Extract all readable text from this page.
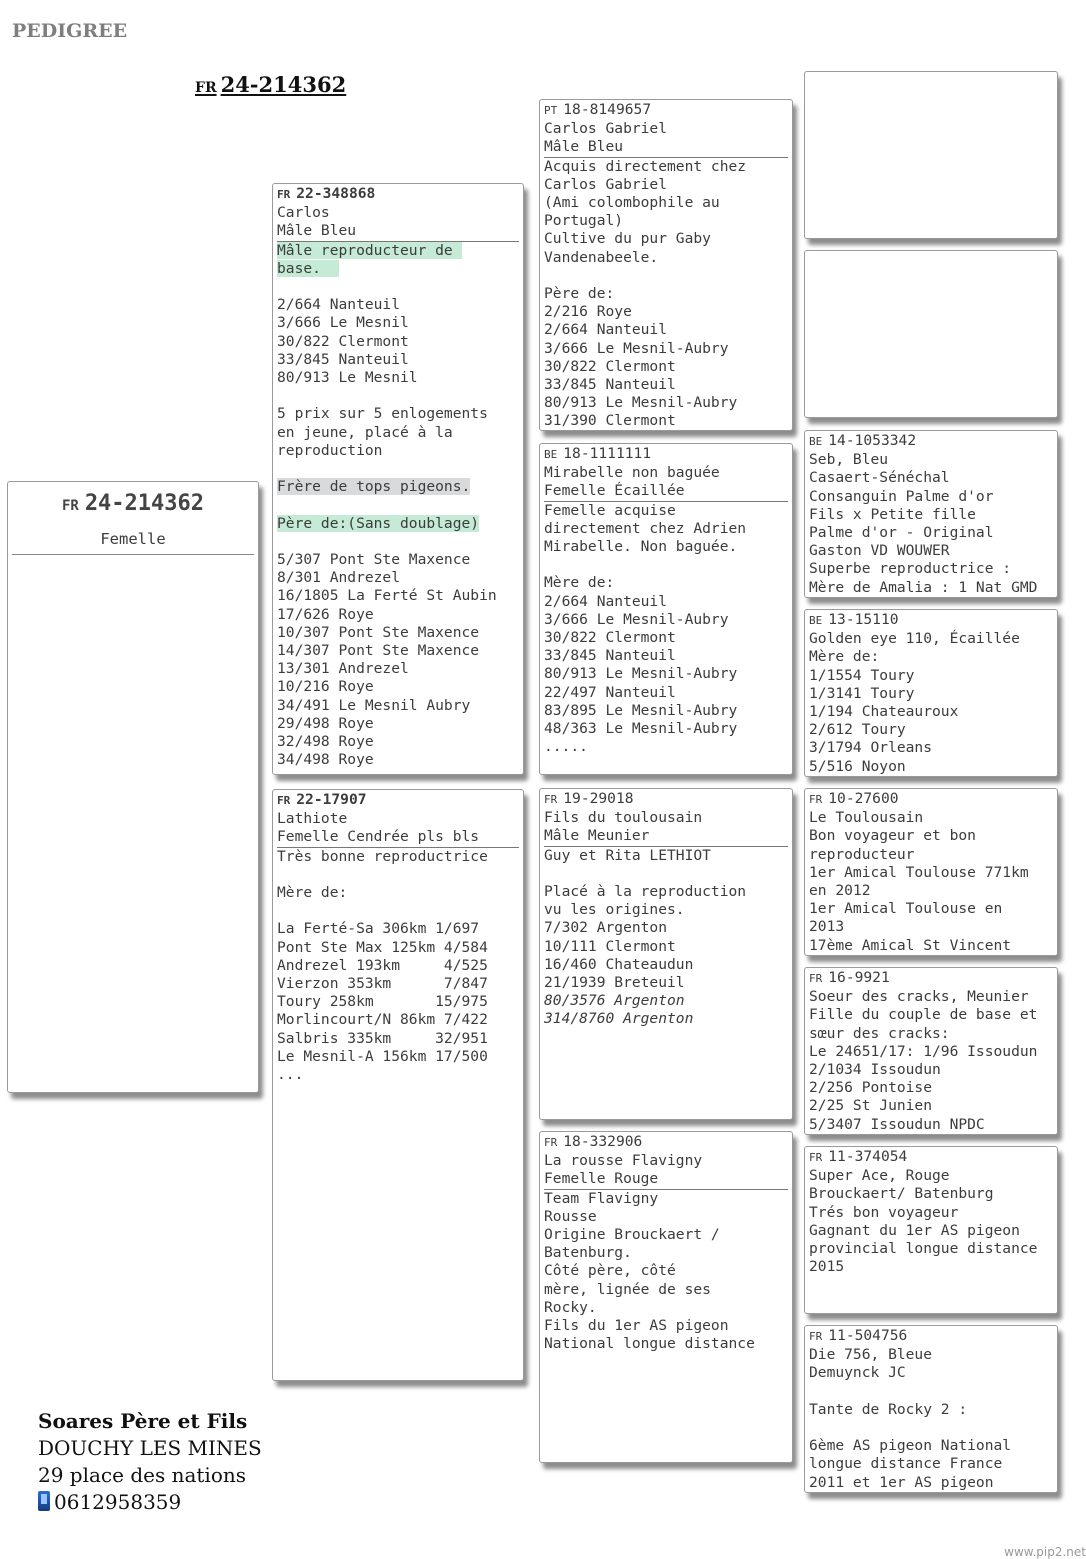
PEDIGREE
FR 24-214362
FR 24-214362
Femelle
FR 22-348868
Carlos
Mâle Bleu
Mâle reproducteur de
base.
2/664 Nanteuil
3/666 Le Mesnil
30/822 Clermont
33/845 Nanteuil
80/913 Le Mesnil
5 prix sur 5 enlogements
en jeune, placé à la
reproduction
Frère de tops pigeons.
Père de:(Sans doublage)
5/307 Pont Ste Maxence
8/301 Andrezel
16/1805 La Ferté St Aubin
17/626 Roye
10/307 Pont Ste Maxence
14/307 Pont Ste Maxence
13/301 Andrezel
10/216 Roye
34/491 Le Mesnil Aubry
29/498 Roye
32/498 Roye
34/498 Roye
FR 22-17907
Lathiote
Femelle Cendrée pls bls
Très bonne reproductrice
Mère de:
La Ferté-Sa 306km 1/697
Pont Ste Max 125km 4/584
Andrezel 193km     4/525
Vierzon 353km      7/847
Toury 258km       15/975
Morlincourt/N 86km 7/422
Salbris 335km     32/951
Le Mesnil-A 156km 17/500
...
PT 18-8149657
Carlos Gabriel
Mâle Bleu
Acquis directement chez
Carlos Gabriel
(Ami colombophile au
Portugal)
Cultive du pur Gaby
Vandenabeele.
Père de:
2/216 Roye
2/664 Nanteuil
3/666 Le Mesnil-Aubry
30/822 Clermont
33/845 Nanteuil
80/913 Le Mesnil-Aubry
31/390 Clermont
BE 18-1111111
Mirabelle non baguée
Femelle Écaillée
Femelle acquise
directement chez Adrien
Mirabelle. Non baguée.
Mère de:
2/664 Nanteuil
3/666 Le Mesnil-Aubry
30/822 Clermont
33/845 Nanteuil
80/913 Le Mesnil-Aubry
22/497 Nanteuil
83/895 Le Mesnil-Aubry
48/363 Le Mesnil-Aubry
.....
FR 19-29018
Fils du toulousain
Mâle Meunier
Guy et Rita LETHIOT
Placé à la reproduction
vu les origines.
7/302 Argenton
10/111 Clermont
16/460 Chateaudun
21/1939 Breteuil
80/3576 Argenton
314/8760 Argenton
FR 18-332906
La rousse Flavigny
Femelle Rouge
Team Flavigny
Rousse
Origine Brouckaert /
Batenburg.
Côté père, côté
mère, lignée de ses
Rocky.
Fils du 1er AS pigeon
National longue distance
BE 14-1053342
Seb, Bleu
Casaert-Sénéchal
Consanguin Palme d'or
Fils x Petite fille
Palme d'or - Original
Gaston VD WOUWER
Superbe reproductrice :
Mère de Amalia : 1 Nat GMD
BE 13-15110
Golden eye 110, Écaillée
Mère de:
1/1554 Toury
1/3141 Toury
1/194 Chateauroux
2/612 Toury
3/1794 Orleans
5/516 Noyon
FR 10-27600
Le Toulousain
Bon voyageur et bon
reproducteur
1er Amical Toulouse 771km
en 2012
1er Amical Toulouse en
2013
17ème Amical St Vincent
FR 16-9921
Soeur des cracks, Meunier
Fille du couple de base et
sœur des cracks:
Le 24651/17: 1/96 Issoudun
2/1034 Issoudun
2/256 Pontoise
2/25 St Junien
5/3407 Issoudun NPDC
FR 11-374054
Super Ace, Rouge
Brouckaert/ Batenburg
Trés bon voyageur
Gagnant du 1er AS pigeon
provincial longue distance
2015
FR 11-504756
Die 756, Bleue
Demuynck JC
Tante de Rocky 2 :
6ème AS pigeon National
longue distance France
2011 et 1er AS pigeon
Soares Père et Fils
DOUCHY LES MINES
29 place des nations
0612958359
www.pip2.net
